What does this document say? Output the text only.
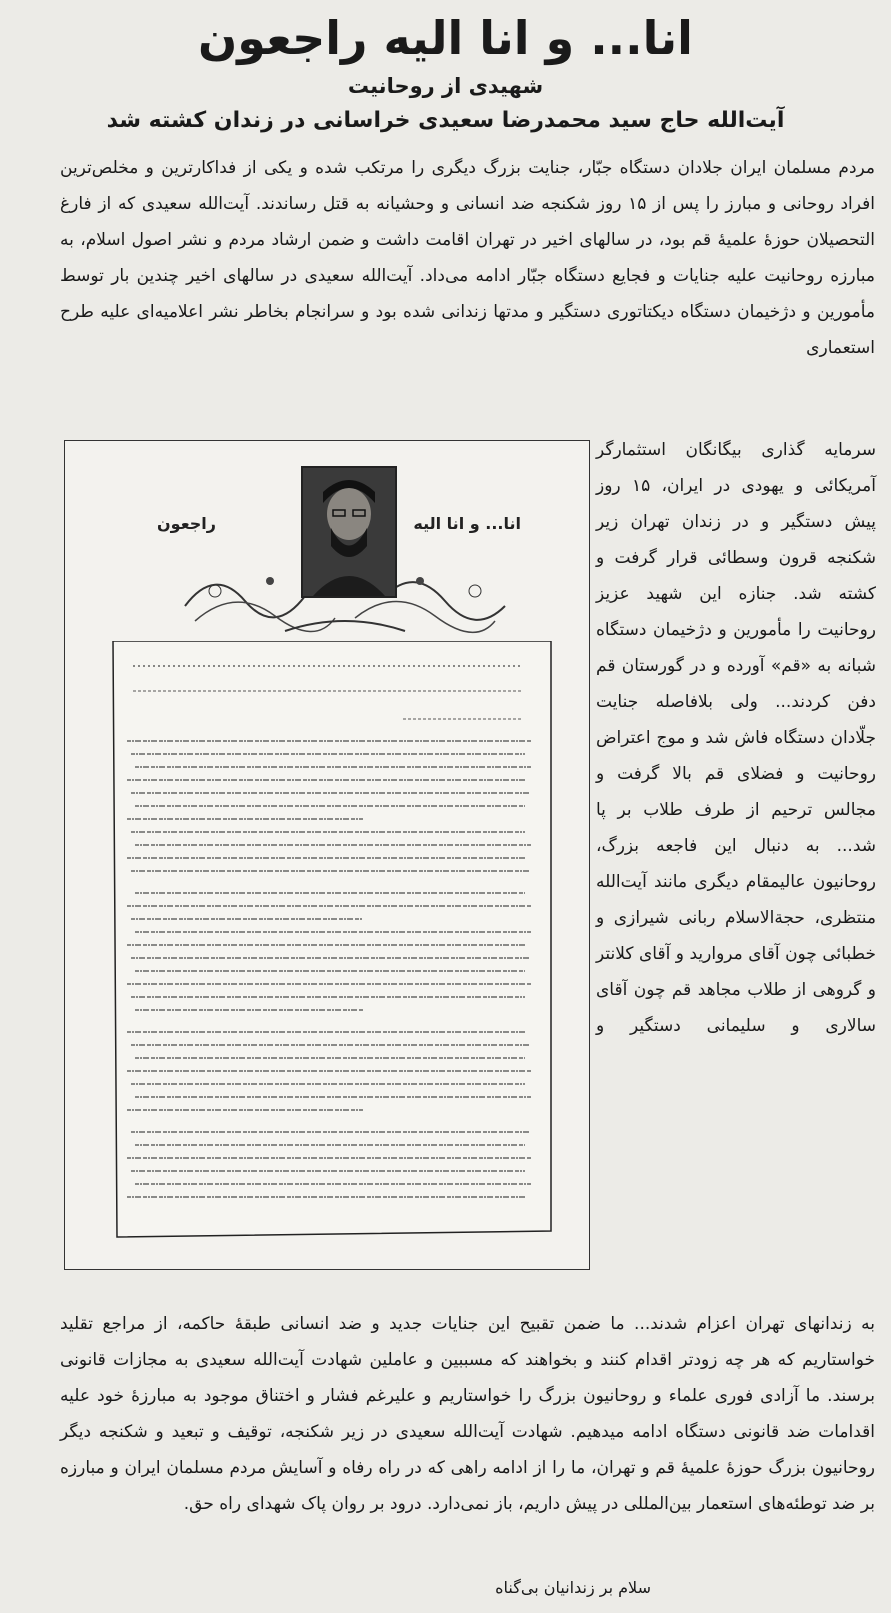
انا... و انا الیه راجعون
شهیدی از روحانیت
آیت‌الله حاج سید محمدرضا سعیدی خراسانی در زندان کشته شد

مردم مسلمان ایران جلادان دستگاه جبّار، جنایت بزرگ دیگری را مرتکب شده و یکی از فداکارترین و مخلص‌ترین افراد روحانی و مبارز را پس از ۱۵ روز شکنجه ضد انسانی و وحشیانه به قتل رساندند. آیت‌الله سعیدی که از فارغ التحصیلان حوزهٔ علمیهٔ قم بود، در سالهای اخیر در تهران اقامت داشت و ضمن ارشاد مردم و نشر اصول اسلام، به مبارزه روحانیت علیه جنایات و فجایع دستگاه جبّار ادامه می‌داد. آیت‌الله سعیدی در سالهای اخیر چندین بار توسط مأمورین و دژخیمان دستگاه دیکتاتوری دستگیر و مدتها زندانی شده بود و سرانجام بخاطر نشر اعلامیه‌ای علیه طرح استعماری

سرمایه گذاری بیگانگان استثمارگر آمریکائی و یهودی در ایران، ۱۵ روز پیش دستگیر و در زندان تهران زیر شکنجه قرون وسطائی قرار گرفت و کشته شد. جنازه این شهید عزیز روحانیت را مأمورین و دژخیمان دستگاه شبانه به «قم» آورده و در گورستان قم دفن کردند... ولی بلافاصله جنایت جلّادان دستگاه فاش شد و موج اعتراض روحانیت و فضلای قم بالا گرفت و مجالس ترحیم از طرف طلاب بر پا شد... به دنبال این فاجعه بزرگ، روحانیون عالیمقام دیگری مانند آیت‌الله منتظری، حجةالاسلام ربانی شیرازی و خطبائی چون آقای مروارید و آقای کلانتر و گروهی از طلاب مجاهد قم چون آقای سالاری و سلیمانی دستگیر و

انا... و انا الیه
راجعون

به زندانهای تهران اعزام شدند... ما ضمن تقبیح این جنایات جدید و ضد انسانی طبقهٔ حاکمه، از مراجع تقلید خواستاریم که هر چه زودتر اقدام کنند و بخواهند که مسببین و عاملین شهادت آیت‌الله سعیدی به مجازات قانونی برسند. ما آزادی فوری علماء و روحانیون بزرگ را خواستاریم و علیرغم فشار و اختناق موجود به مبارزهٔ خود علیه اقدامات ضد قانونی دستگاه ادامه میدهیم. شهادت آیت‌الله سعیدی در زیر شکنجه، توقیف و تبعید و شکنجه دیگر روحانیون بزرگ حوزهٔ علمیهٔ قم و تهران، ما را از ادامه راهی که در راه رفاه و آسایش مردم مسلمان ایران و مبارزه بر ضد توطئه‌های استعمار بین‌المللی در پیش داریم، باز نمی‌دارد. درود بر روان پاک شهدای راه حق.

سلام بر زندانیان بی‌گناه
